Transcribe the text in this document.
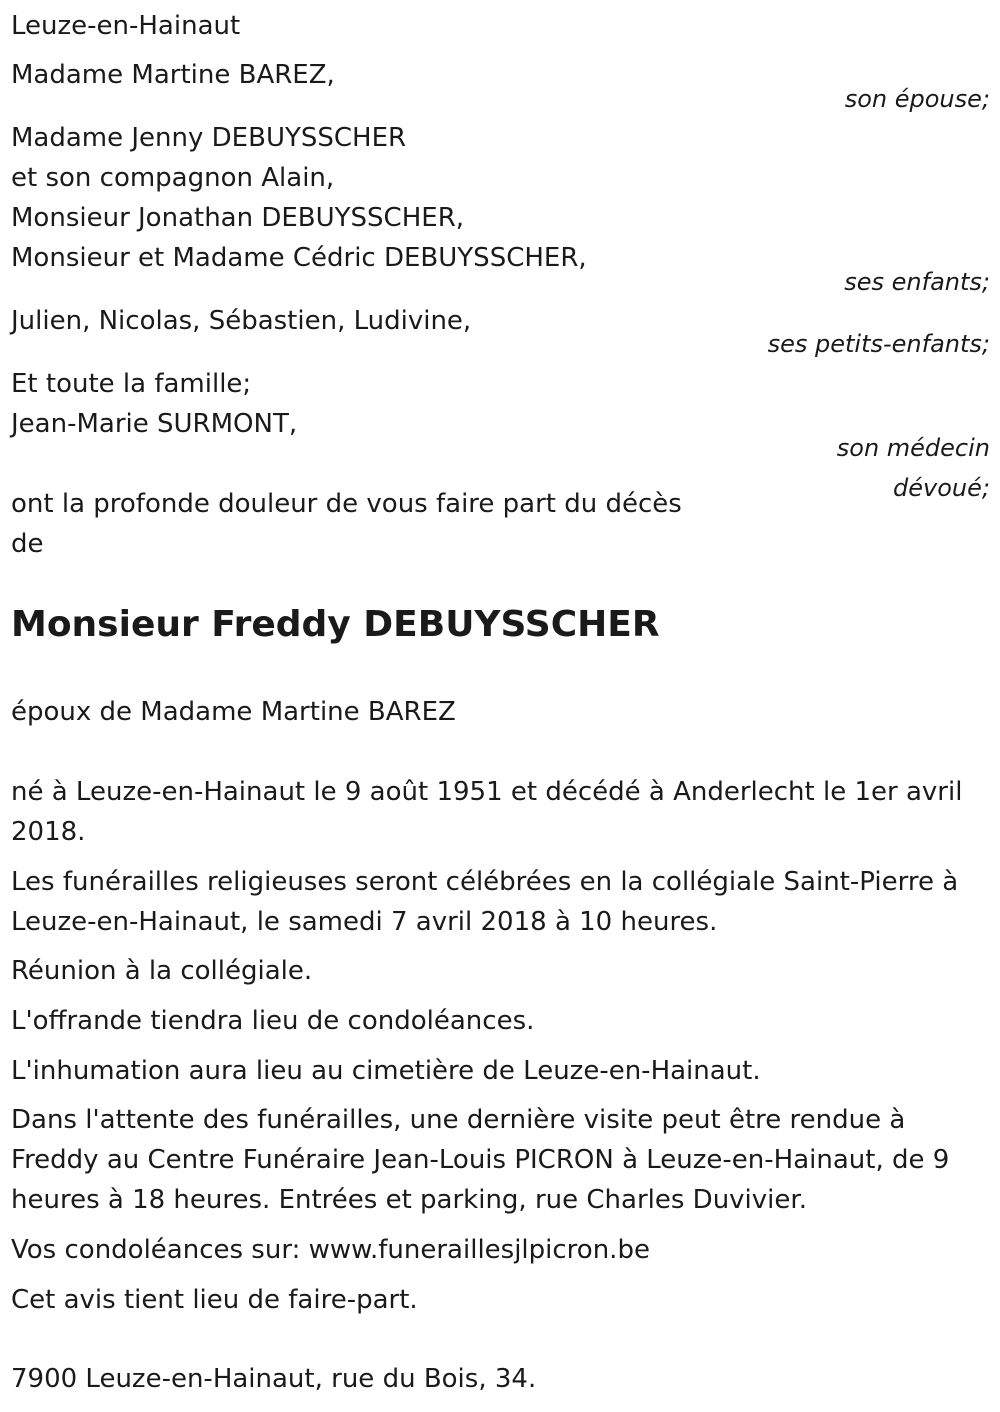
Leuze-en-Hainaut
Madame Martine BAREZ,
son épouse;
Madame Jenny DEBUYSSCHER
et son compagnon Alain,
Monsieur Jonathan DEBUYSSCHER,
Monsieur et Madame Cédric DEBUYSSCHER,
ses enfants;
Julien, Nicolas, Sébastien, Ludivine,
ses petits-enfants;
Et toute la famille;
Jean-Marie SURMONT,
son médecin
dévoué;
ont la profonde douleur de vous faire part du décès
de
Monsieur Freddy DEBUYSSCHER
époux de Madame Martine BAREZ
né à Leuze-en-Hainaut le 9 août 1951 et décédé à Anderlecht le 1er avril
2018.
Les funérailles religieuses seront célébrées en la collégiale Saint-Pierre à
Leuze-en-Hainaut, le samedi 7 avril 2018 à 10 heures.
Réunion à la collégiale.
L'offrande tiendra lieu de condoléances.
L'inhumation aura lieu au cimetière de Leuze-en-Hainaut.
Dans l'attente des funérailles, une dernière visite peut être rendue à
Freddy au Centre Funéraire Jean-Louis PICRON à Leuze-en-Hainaut, de 9
heures à 18 heures. Entrées et parking, rue Charles Duvivier.
Vos condoléances sur: www.funeraillesjlpicron.be
Cet avis tient lieu de faire-part.
7900 Leuze-en-Hainaut, rue du Bois, 34.
